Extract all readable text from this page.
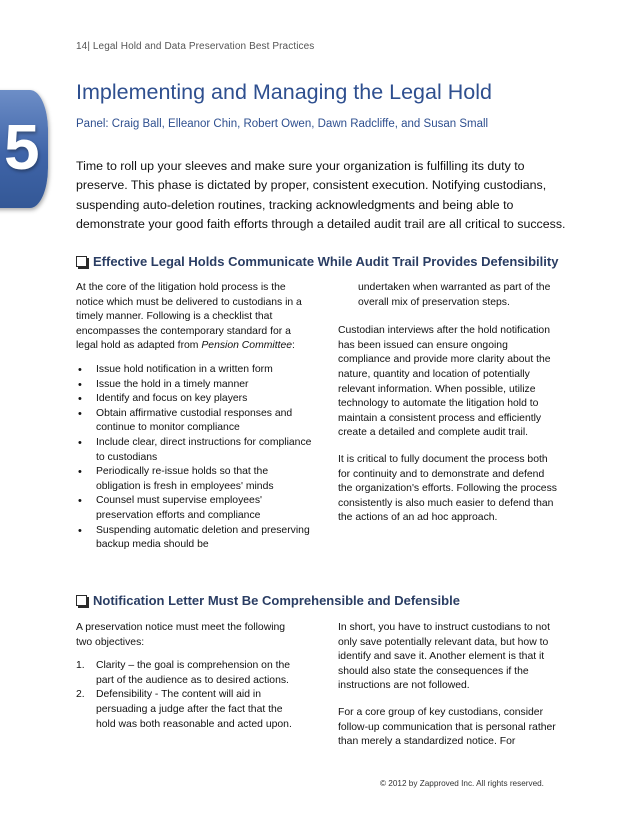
14| Legal Hold and Data Preservation Best Practices
5
Implementing and Managing the Legal Hold
Panel: Craig Ball, Elleanor Chin, Robert Owen, Dawn Radcliffe, and Susan Small
Time to roll up your sleeves and make sure your organization is fulfilling its duty to preserve. This phase is dictated by proper, consistent execution. Notifying custodians, suspending auto-deletion routines, tracking acknowledgments and being able to demonstrate your good faith efforts through a detailed audit trail are all critical to success.
Effective Legal Holds Communicate While Audit Trail Provides Defensibility

At the core of the litigation hold process is the notice which must be delivered to custodians in a timely manner. Following is a checklist that encompasses the contemporary standard for a legal hold as adapted from Pension Committee:

• Issue hold notification in a written form
• Issue the hold in a timely manner
• Identify and focus on key players
• Obtain affirmative custodial responses and continue to monitor compliance
• Include clear, direct instructions for compliance to custodians
• Periodically re-issue holds so that the obligation is fresh in employees' minds
• Counsel must supervise employees' preservation efforts and compliance
• Suspending automatic deletion and preserving backup media should be

undertaken when warranted as part of the overall mix of preservation steps.

Custodian interviews after the hold notification has been issued can ensure ongoing compliance and provide more clarity about the nature, quantity and location of potentially relevant information. When possible, utilize technology to automate the litigation hold to maintain a consistent process and efficiently create a detailed and complete audit trail.

It is critical to fully document the process both for continuity and to demonstrate and defend the organization's efforts. Following the process consistently is also much easier to defend than the actions of an ad hoc approach.

Notification Letter Must Be Comprehensible and Defensible

A preservation notice must meet the following two objectives:

1. Clarity – the goal is comprehension on the part of the audience as to desired actions.
2. Defensibility - The content will aid in persuading a judge after the fact that the hold was both reasonable and acted upon.

In short, you have to instruct custodians to not only save potentially relevant data, but how to identify and save it. Another element is that it should also state the consequences if the instructions are not followed.

For a core group of key custodians, consider follow-up communication that is personal rather than merely a standardized notice. For

© 2012 by Zapproved Inc. All rights reserved.
